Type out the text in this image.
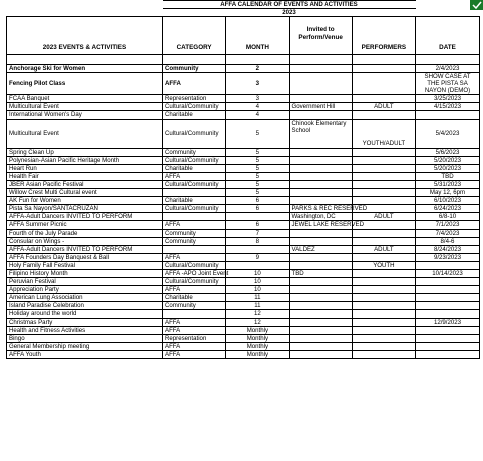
	AFFA CALENDAR OF EVENTS AND ACTIVITIES				
	2023				
2023 EVENTS & ACTIVITIES	CATEGORY	MONTH	Invited to Perform/Venue	PERFORMERS	DATE

Anchorage Ski for Women	Community	2			2/4/2023
Fencing Pilot Class	AFFA	3			SHOW CASE AT THE PISTA SA NAYON (DEMO)
FCAA Banquet	Representation	3			3/25/2023
Multicultural Event	Cultural/Community	4	Government Hill	ADULT	4/15/2023
International Women's Day	Charitable	4			
Multicultural Event	Cultural/Community	5	Chinook Elementary School	YOUTH/ADULT	5/4/2023
Spring Clean Up	Community	5			5/6/2023
Polynesian-Asian Pacific Heritage Month	Cultural/Community	5			5/20/2023
Heart Run	Charitable	5			5/20/2023
Health Fair	AFFA	5			TBD
JBER Asian Pacific Festival	Cultural/Community	5			5/31/2023
Willow Crest Multi Cultural event		5			May 12, 6pm
AK Fun for Women	Charitable	6			6/10/2023
Pista Sa Nayon/SANTACRUZAN	Cultural/Community	6	PARKS & REC RESERVED		6/24/2023
AFFA-Adult Dancers INVITED TO PERFORM			Washington, DC	ADULT	6/8-10
AFFA Summer Picnic	AFFA	6	JEWEL LAKE RESERVED		7/1/2023
Fourth of the July Parade	Community	7			7/4/2023
Consular on Wings -	Community	8			8/4-6
AFFA-Adult Dancers INVITED TO PERFORM			VALDEZ	ADULT	8/24/2023
AFFA Founders Day Banquest & Ball	AFFA	9			9/23/2023
Holy Family Fall Festival	Cultural/Community			YOUTH	
Filipino History Month	AFFA -APO Joint Event	10	TBD		10/14/2023
Peruvian Festival	Cultural/Community	10			
Appreciation Party	AFFA	10			
American Lung Association	Charitable	11			
Island Paradise Celebration	Community	11			
Holiday around the world		12			
Christmas Party	AFFA	12			12/9/2023
Health and Fitness Activities	AFFA	Monthly			
Bingo	Representation	Monthly			
General Membership meeting	AFFA	Monthly			
AFFA Youth	AFFA	Monthly			
